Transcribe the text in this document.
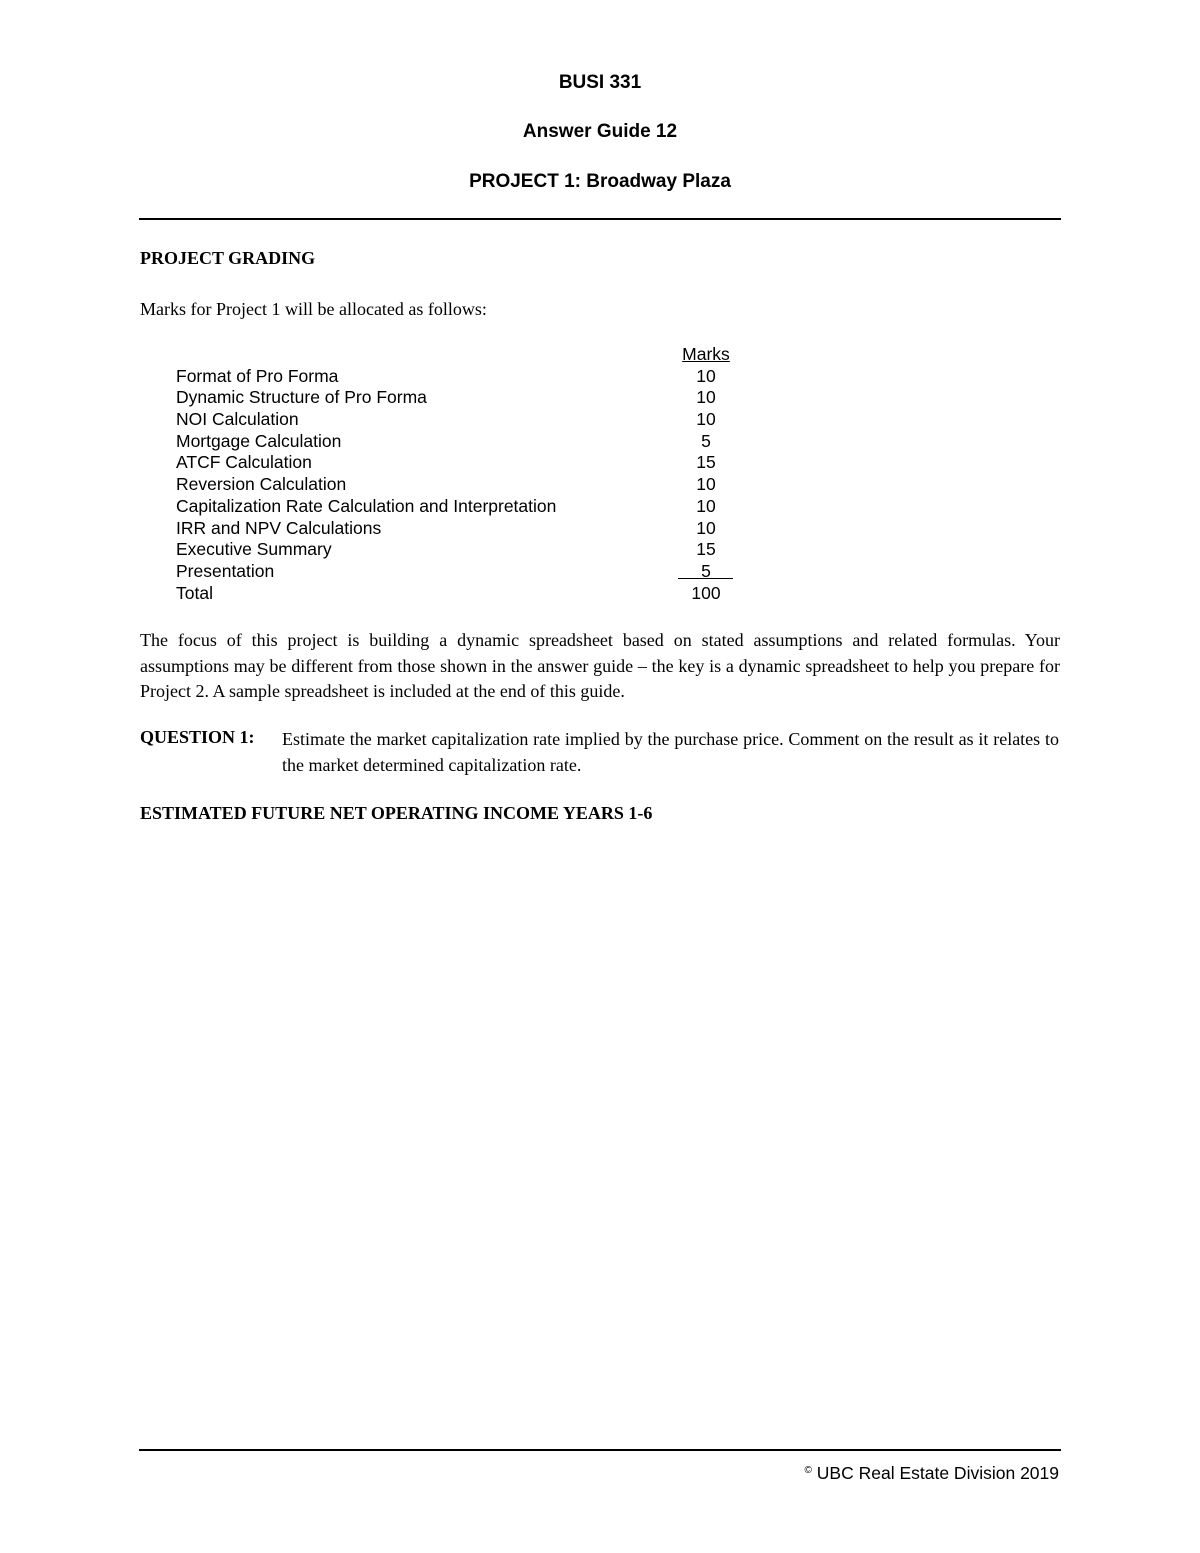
BUSI 331
Answer Guide 12
PROJECT 1: Broadway Plaza
PROJECT GRADING
Marks for Project 1 will be allocated as follows:
Marks
Format of Pro Forma	10
Dynamic Structure of Pro Forma	10
NOI Calculation	10
Mortgage Calculation	5
ATCF Calculation	15
Reversion Calculation	10
Capitalization Rate Calculation and Interpretation	10
IRR and NPV Calculations	10
Executive Summary	15
Presentation	5
Total	100
The focus of this project is building a dynamic spreadsheet based on stated assumptions and related formulas. Your assumptions may be different from those shown in the answer guide – the key is a dynamic spreadsheet to help you prepare for Project 2. A sample spreadsheet is included at the end of this guide.
QUESTION 1: Estimate the market capitalization rate implied by the purchase price. Comment on the result as it relates to the market determined capitalization rate.
ESTIMATED FUTURE NET OPERATING INCOME YEARS 1-6
© UBC Real Estate Division 2019
